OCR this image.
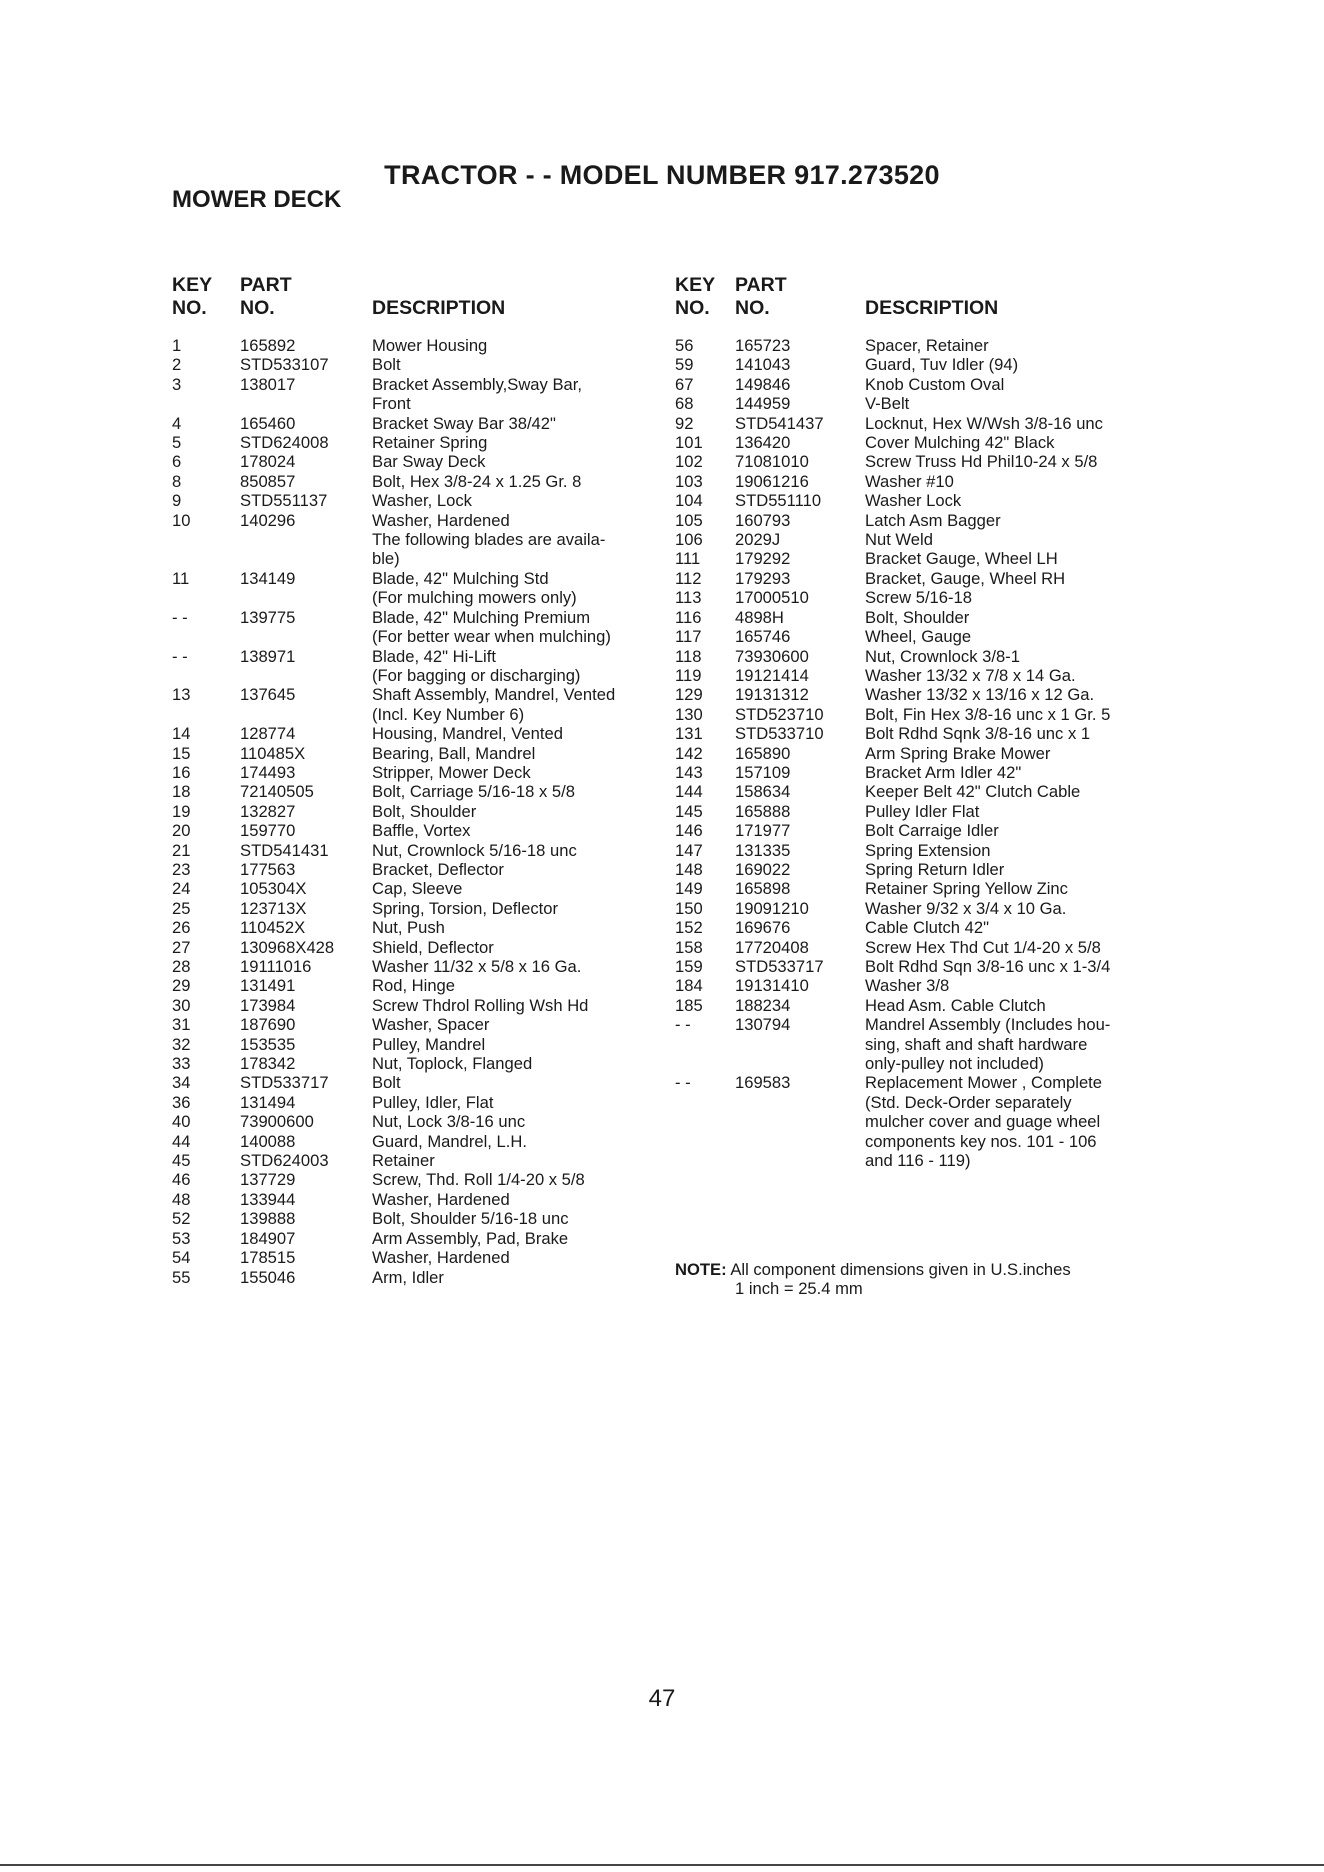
TRACTOR - - MODEL NUMBER 917.273520
MOWER DECK
KEY
NO.
PART
NO.	DESCRIPTION
1	165892	Mower Housing
2	STD533107	Bolt
3	138017	Bracket Assembly,Sway Bar,
Front
4	165460	Bracket Sway Bar 38/42"
5	STD624008	Retainer Spring
6	178024	Bar Sway Deck
8	850857	Bolt, Hex 3/8-24 x 1.25 Gr. 8
9	STD551137	Washer, Lock
10	140296	Washer, Hardened
The following blades are availa-
ble)
11	134149	Blade, 42" Mulching Std
(For mulching mowers only)
- -	139775	Blade, 42" Mulching Premium
(For better wear when mulching)
- -	138971	Blade, 42" Hi-Lift
(For bagging or discharging)
13	137645	Shaft Assembly, Mandrel, Vented
(Incl. Key Number 6)
14	128774	Housing, Mandrel, Vented
15	110485X	Bearing, Ball, Mandrel
16	174493	Stripper, Mower Deck
18	72140505	Bolt, Carriage 5/16-18 x 5/8
19	132827	Bolt, Shoulder
20	159770	Baffle, Vortex
21	STD541431	Nut, Crownlock 5/16-18 unc
23	177563	Bracket, Deflector
24	105304X	Cap, Sleeve
25	123713X	Spring, Torsion, Deflector
26	110452X	Nut, Push
27	130968X428	Shield, Deflector
28	19111016	Washer 11/32 x 5/8 x 16 Ga.
29	131491	Rod, Hinge
30	173984	Screw Thdrol Rolling Wsh Hd
31	187690	Washer, Spacer
32	153535	Pulley, Mandrel
33	178342	Nut, Toplock, Flanged
34	STD533717	Bolt
36	131494	Pulley, Idler, Flat
40	73900600	Nut, Lock 3/8-16 unc
44	140088	Guard, Mandrel, L.H.
45	STD624003	Retainer
46	137729	Screw, Thd. Roll 1/4-20 x 5/8
48	133944	Washer, Hardened
52	139888	Bolt, Shoulder 5/16-18 unc
53	184907	Arm Assembly, Pad, Brake
54	178515	Washer, Hardened
55	155046	Arm, Idler
KEY
NO.
PART
NO.	DESCRIPTION
56	165723	Spacer, Retainer
59	141043	Guard, Tuv Idler (94)
67	149846	Knob Custom Oval
68	144959	V-Belt
92	STD541437	Locknut, Hex W/Wsh 3/8-16 unc
101	136420	Cover Mulching 42" Black
102	71081010	Screw Truss Hd Phil10-24 x 5/8
103	19061216	Washer #10
104	STD551110	Washer Lock
105	160793	Latch Asm Bagger
106	2029J	Nut Weld
111	179292	Bracket Gauge, Wheel LH
112	179293	Bracket, Gauge, Wheel RH
113	17000510	Screw 5/16-18
116	4898H	Bolt, Shoulder
117	165746	Wheel, Gauge
118	73930600	Nut, Crownlock 3/8-1
119	19121414	Washer 13/32 x 7/8 x 14 Ga.
129	19131312	Washer 13/32 x 13/16 x 12 Ga.
130	STD523710	Bolt, Fin Hex 3/8-16 unc x 1 Gr. 5
131	STD533710	Bolt Rdhd Sqnk 3/8-16 unc x 1
142	165890	Arm Spring Brake Mower
143	157109	Bracket Arm Idler 42"
144	158634	Keeper Belt 42" Clutch Cable
145	165888	Pulley Idler Flat
146	171977	Bolt Carraige Idler
147	131335	Spring Extension
148	169022	Spring Return Idler
149	165898	Retainer Spring Yellow Zinc
150	19091210	Washer 9/32 x 3/4 x 10 Ga.
152	169676	Cable Clutch 42"
158	17720408	Screw Hex Thd Cut 1/4-20 x 5/8
159	STD533717	Bolt Rdhd Sqn 3/8-16 unc x 1-3/4
184	19131410	Washer 3/8
185	188234	Head Asm. Cable Clutch
- -	130794	Mandrel Assembly (Includes hou-
sing, shaft and shaft hardware
only-pulley not included)
- -	169583	Replacement Mower , Complete
(Std. Deck-Order separately
mulcher cover and guage wheel
components key nos. 101 - 106
and 116 - 119)
NOTE: All component dimensions given in U.S.inches
1 inch = 25.4 mm
47
